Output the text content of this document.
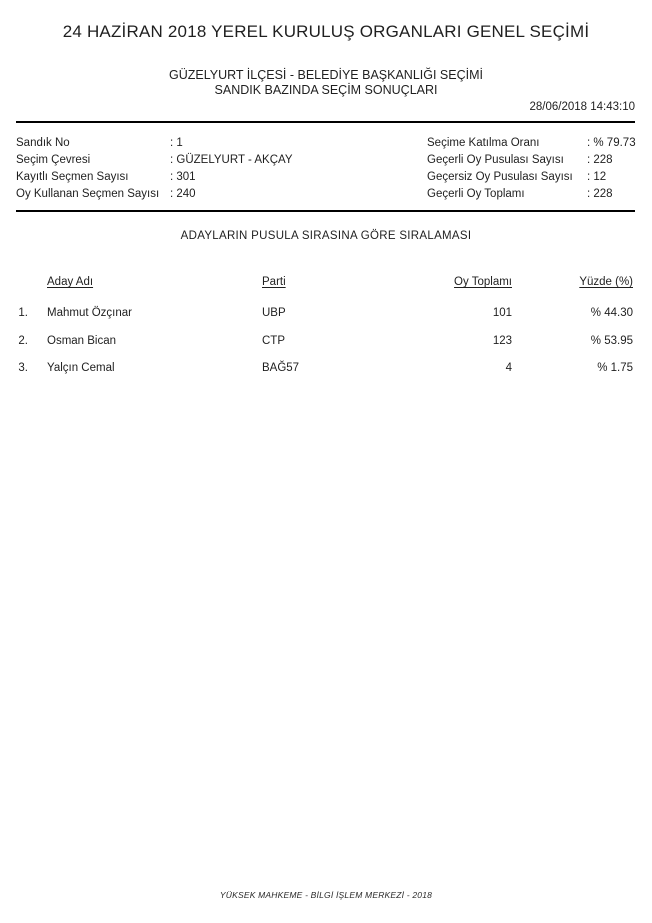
24 HAZİRAN 2018 YEREL KURULUŞ ORGANLARI GENEL SEÇİMİ
GÜZELYURT İLÇESİ - BELEDİYE BAŞKANLIĞI SEÇİMİ
SANDIK BAZINDA SEÇİM SONUÇLARI
28/06/2018 14:43:10
Sandık No	: 1
Seçim Çevresi	: GÜZELYURT - AKÇAY
Kayıtlı Seçmen Sayısı	: 301
Oy Kullanan Seçmen Sayısı : 240
Seçime Katılma Oranı	: % 79.73
Geçerli Oy Pusulası Sayısı	: 228
Geçersiz Oy Pusulası Sayısı	: 12
Geçerli Oy Toplamı	: 228
ADAYLARIN PUSULA SIRASINA GÖRE SIRALAMASI
Aday Adı	Parti	Oy Toplamı	Yüzde (%)
1. Mahmut Özçınar	UBP	101	% 44.30
2. Osman Bican	CTP	123	% 53.95
3. Yalçın Cemal	BAĞ57	4	% 1.75
YÜKSEK MAHKEME - BİLGİ İŞLEM MERKEZİ - 2018
